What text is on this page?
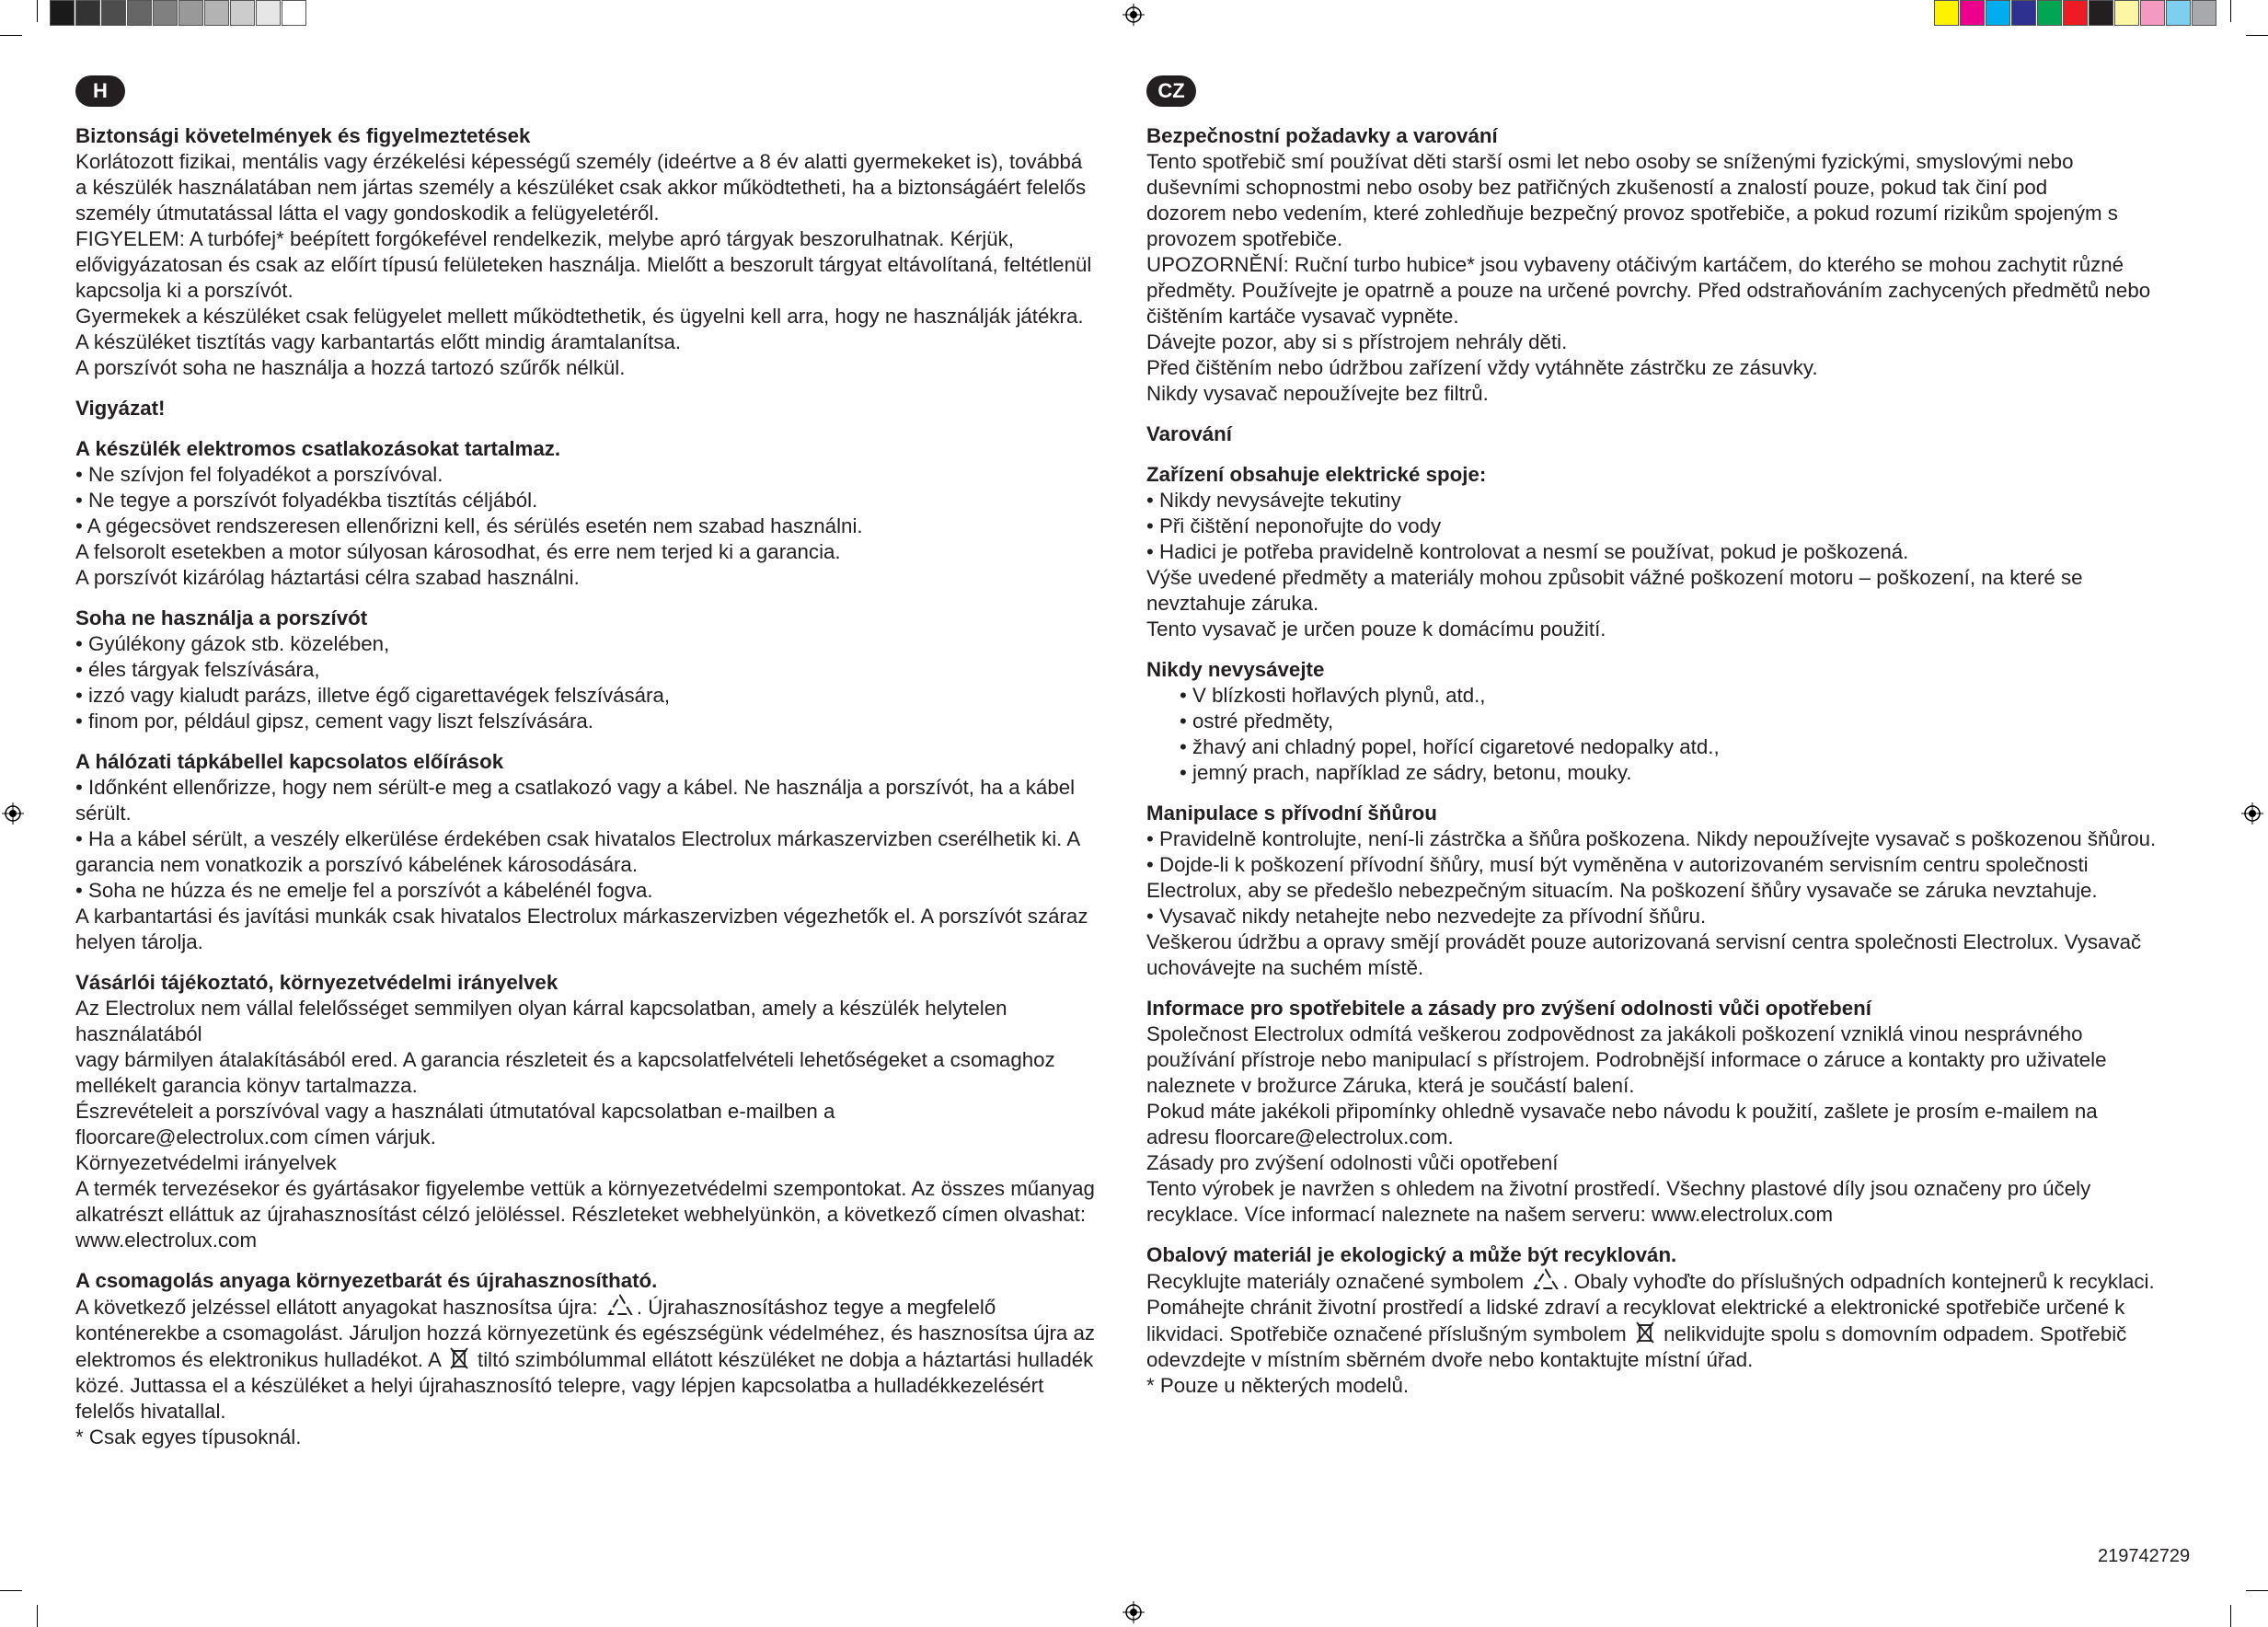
H
Biztonsági követelmények és figyelmeztetések

Korlátozott fizikai, mentális vagy érzékelési képességű személy (ideértve a 8 év alatti gyermekeket is), továbbá

a készülék használatában nem jártas személy a készüléket csak akkor működtetheti, ha a biztonságáért felelős

személy útmutatással látta el vagy gondoskodik a felügyeletéről.

FIGYELEM: A turbófej* beépített forgókefével rendelkezik, melybe apró tárgyak beszorulhatnak. Kérjük,

elővigyázatosan és csak az előírt típusú felületeken használja. Mielőtt a beszorult tárgyat eltávolítaná, feltétlenül

kapcsolja ki a porszívót.

Gyermekek a készüléket csak felügyelet mellett működtethetik, és ügyelni kell arra, hogy ne használják játékra.

A készüléket tisztítás vagy karbantartás előtt mindig áramtalanítsa.

A porszívót soha ne használja a hozzá tartozó szűrők nélkül.

Vigyázat!
A készülék elektromos csatlakozásokat tartalmaz.

• Ne szívjon fel folyadékot a porszívóval.

• Ne tegye a porszívót folyadékba tisztítás céljából.

• A gégecsövet rendszeresen ellenőrizni kell, és sérülés esetén nem szabad használni.

A felsorolt esetekben a motor súlyosan károsodhat, és erre nem terjed ki a garancia.

A porszívót kizárólag háztartási célra szabad használni.

Soha ne használja a porszívót

• Gyúlékony gázok stb. közelében,

• éles tárgyak felszívására,

• izzó vagy kialudt parázs, illetve égő cigarettavégek felszívására,

• finom por, például gipsz, cement vagy liszt felszívására.

A hálózati tápkábellel kapcsolatos előírások

• Időnként ellenőrizze, hogy nem sérült-e meg a csatlakozó vagy a kábel. Ne használja a porszívót, ha a kábel

sérült.

• Ha a kábel sérült, a veszély elkerülése érdekében csak hivatalos Electrolux márkaszervizben cserélhetik ki. A

garancia nem vonatkozik a porszívó kábelének károsodására.

• Soha ne húzza és ne emelje fel a porszívót a kábelénél fogva.

A karbantartási és javítási munkák csak hivatalos Electrolux márkaszervizben végezhetők el. A porszívót száraz

helyen tárolja.

Vásárlói tájékoztató, környezetvédelmi irányelvek

Az Electrolux nem vállal felelősséget semmilyen olyan kárral kapcsolatban, amely a készülék helytelen használatából

vagy bármilyen átalakításából ered. A garancia részleteit és a kapcsolatfelvételi lehetőségeket a csomaghoz

mellékelt garancia könyv tartalmazza.

Észrevételeit a porszívóval vagy a használati útmutatóval kapcsolatban e-mailben a

floorcare@electrolux.com címen várjuk.

Környezetvédelmi irányelvek

A termék tervezésekor és gyártásakor figyelembe vettük a környezetvédelmi szempontokat. Az összes műanyag

alkatrészt elláttuk az újrahasznosítást célzó jelöléssel. Részleteket webhelyünkön, a következő címen olvashat:

www.electrolux.com

A csomagolás anyaga környezetbarát és újrahasznosítható.

A következő jelzéssel ellátott anyagokat hasznosítsa újra: . Újrahasznosításhoz tegye a megfelelő

konténerekbe a csomagolást. Járuljon hozzá környezetünk és egészségünk védelméhez, és hasznosítsa újra az

elektromos és elektronikus hulladékot. A tiltó szimbólummal ellátott készüléket ne dobja a háztartási hulladék

közé. Juttassa el a készüléket a helyi újrahasznosító telepre, vagy lépjen kapcsolatba a hulladékkezelésért

felelős hivatallal.

* Csak egyes típusoknál.

CZ
Bezpečnostní požadavky a varování

Tento spotřebič smí používat děti starší osmi let nebo osoby se sníženými fyzickými, smyslovými nebo

duševními schopnostmi nebo osoby bez patřičných zkušeností a znalostí pouze, pokud tak činí pod

dozorem nebo vedením, které zohledňuje bezpečný provoz spotřebiče, a pokud rozumí rizikům spojeným s

provozem spotřebiče.

UPOZORNĚNÍ: Ruční turbo hubice* jsou vybaveny otáčivým kartáčem, do kterého se mohou zachytit různé

předměty. Používejte je opatrně a pouze na určené povrchy. Před odstraňováním zachycených předmětů nebo

čištěním kartáče vysavač vypněte.

Dávejte pozor, aby si s přístrojem nehrály děti.

Před čištěním nebo údržbou zařízení vždy vytáhněte zástrčku ze zásuvky.

Nikdy vysavač nepoužívejte bez filtrů.

Varování
Zařízení obsahuje elektrické spoje:

• Nikdy nevysávejte tekutiny

• Při čištění neponořujte do vody

• Hadici je potřeba pravidelně kontrolovat a nesmí se používat, pokud je poškozená.

Výše uvedené předměty a materiály mohou způsobit vážné poškození motoru – poškození, na které se

nevztahuje záruka.

Tento vysavač je určen pouze k domácímu použití.

Nikdy nevysávejte

• V blízkosti hořlavých plynů, atd.,

• ostré předměty,

• žhavý ani chladný popel, hořící cigaretové nedopalky atd.,

• jemný prach, například ze sádry, betonu, mouky.

Manipulace s přívodní šňůrou

• Pravidelně kontrolujte, není-li zástrčka a šňůra poškozena. Nikdy nepoužívejte vysavač s poškozenou šňůrou.

• Dojde-li k poškození přívodní šňůry, musí být vyměněna v autorizovaném servisním centru společnosti

Electrolux, aby se předešlo nebezpečným situacím. Na poškození šňůry vysavače se záruka nevztahuje.

• Vysavač nikdy netahejte nebo nezvedejte za přívodní šňůru.

Veškerou údržbu a opravy smějí provádět pouze autorizovaná servisní centra společnosti Electrolux. Vysavač

uchovávejte na suchém místě.

Informace pro spotřebitele a zásady pro zvýšení odolnosti vůči opotřebení

Společnost Electrolux odmítá veškerou zodpovědnost za jakákoli poškození vzniklá vinou nesprávného

používání přístroje nebo manipulací s přístrojem. Podrobnější informace o záruce a kontakty pro uživatele

naleznete v brožurce Záruka, která je součástí balení.

Pokud máte jakékoli připomínky ohledně vysavače nebo návodu k použití, zašlete je prosím e-mailem na

adresu floorcare@electrolux.com.

Zásady pro zvýšení odolnosti vůči opotřebení

Tento výrobek je navržen s ohledem na životní prostředí. Všechny plastové díly jsou označeny pro účely

recyklace. Více informací naleznete na našem serveru: www.electrolux.com

Obalový materiál je ekologický a může být recyklován.

Recyklujte materiály označené symbolem . Obaly vyhoďte do příslušných odpadních kontejnerů k recyklaci.

Pomáhejte chránit životní prostředí a lidské zdraví a recyklovat elektrické a elektronické spotřebiče určené k

likvidaci. Spotřebiče označené příslušným symbolem nelikvidujte spolu s domovním odpadem. Spotřebič

odevzdejte v místním sběrném dvoře nebo kontaktujte místní úřad.

* Pouze u některých modelů.

219742729
